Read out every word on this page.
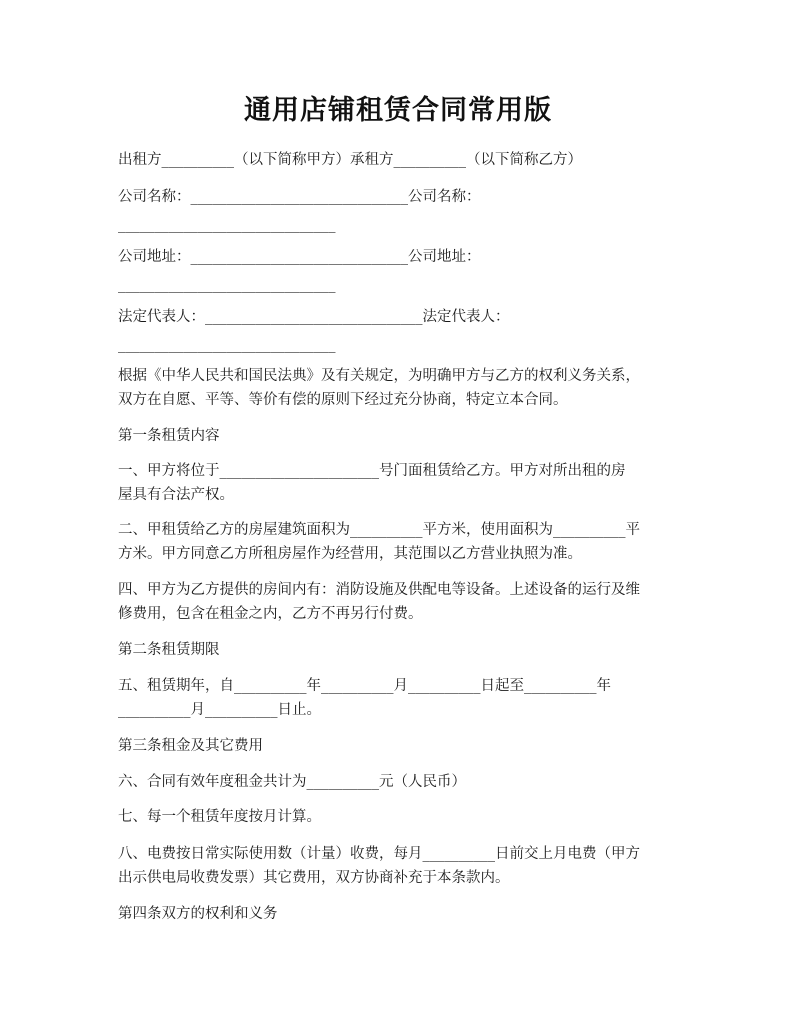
通用店铺租赁合同常用版
出租方__________（以下简称甲方）承租方__________（以下简称乙方）
公司名称：______________________________公司名称：
______________________________
公司地址：______________________________公司地址：
______________________________
法定代表人：______________________________法定代表人：
______________________________
根据《中华人民共和国民法典》及有关规定，为明确甲方与乙方的权利义务关系，
双方在自愿、平等、等价有偿的原则下经过充分协商，特定立本合同。
第一条租赁内容
一、甲方将位于______________________号门面租赁给乙方。甲方对所出租的房
屋具有合法产权。
二、甲租赁给乙方的房屋建筑面积为__________平方米，使用面积为__________平
方米。甲方同意乙方所租房屋作为经营用，其范围以乙方营业执照为准。
四、甲方为乙方提供的房间内有：消防设施及供配电等设备。上述设备的运行及维
修费用，包含在租金之内，乙方不再另行付费。
第二条租赁期限
五、租赁期年，自__________年__________月__________日起至__________年
__________月__________日止。
第三条租金及其它费用
六、合同有效年度租金共计为__________元（人民币）
七、每一个租赁年度按月计算。
八、电费按日常实际使用数（计量）收费，每月__________日前交上月电费（甲方
出示供电局收费发票）其它费用，双方协商补充于本条款内。
第四条双方的权利和义务
